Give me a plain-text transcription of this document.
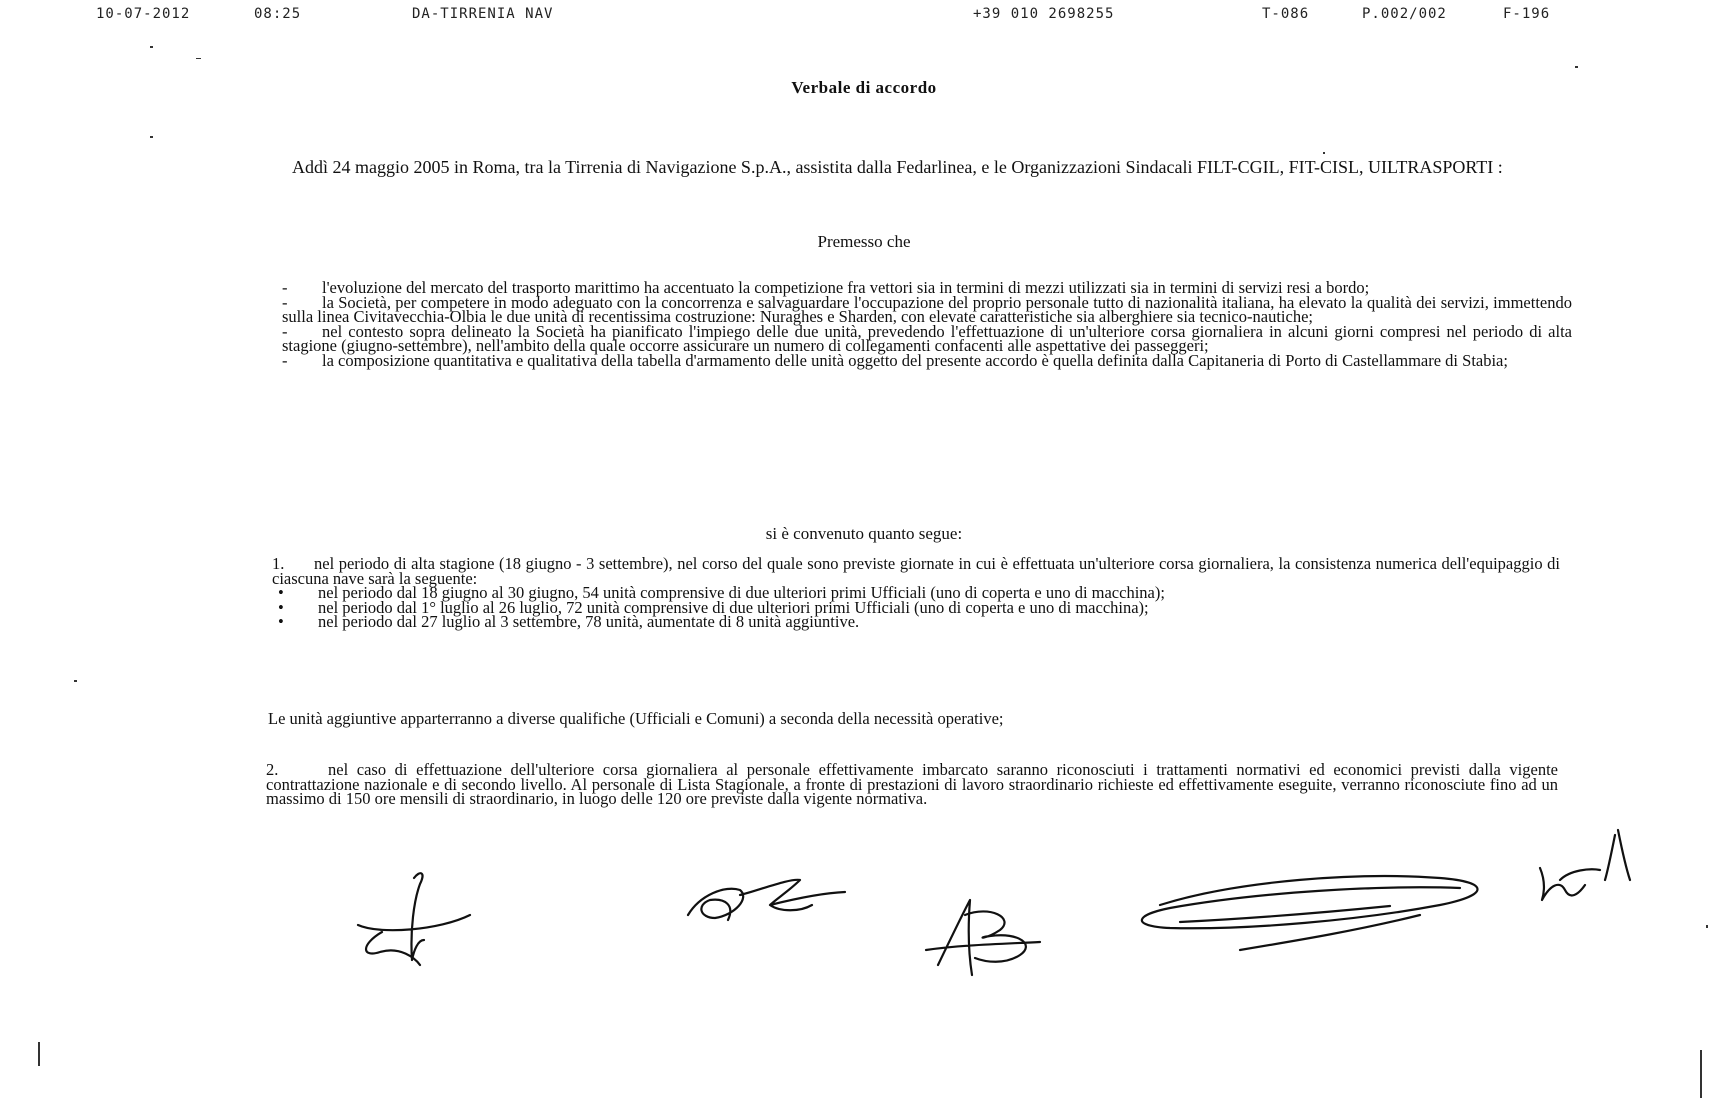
10-07-2012	08:25	DA-TIRRENIA NAV	+39 010 2698255	T-086	P.002/002	F-196
Verbale di accordo
Addì 24 maggio 2005 in Roma, tra la Tirrenia di Navigazione S.p.A., assistita dalla Fedarlinea, e le Organizzazioni Sindacali FILT-CGIL, FIT-CISL, UILTRASPORTI :
Premesso che

- l'evoluzione del mercato del trasporto marittimo ha accentuato la competizione fra vettori sia in termini di mezzi utilizzati sia in termini di servizi resi a bordo;

- la Società, per competere in modo adeguato con la concorrenza e salvaguardare l'occupazione del proprio personale tutto di nazionalità italiana, ha elevato la qualità dei servizi, immettendo sulla linea Civitavecchia-Olbia le due unità di recentissima costruzione: Nuraghes e Sharden, con elevate caratteristiche sia alberghiere sia tecnico-nautiche;

- nel contesto sopra delineato la Società ha pianificato l'impiego delle due unità, prevedendo l'effettuazione di un'ulteriore corsa giornaliera in alcuni giorni compresi nel periodo di alta stagione (giugno-settembre), nell'ambito della quale occorre assicurare un numero di collegamenti confacenti alle aspettative dei passeggeri;

- la composizione quantitativa e qualitativa della tabella d'armamento delle unità oggetto del presente accordo è quella definita dalla Capitaneria di Porto di Castellammare di Stabia;

si è convenuto quanto segue:

1. nel periodo di alta stagione (18 giugno - 3 settembre), nel corso del quale sono previste giornate in cui è effettuata un'ulteriore corsa giornaliera, la consistenza numerica dell'equipaggio di ciascuna nave sarà la seguente:

• nel periodo dal 18 giugno al 30 giugno, 54 unità comprensive di due ulteriori primi Ufficiali (uno di coperta e uno di macchina);

• nel periodo dal 1° luglio al 26 luglio, 72 unità comprensive di due ulteriori primi Ufficiali (uno di coperta e uno di macchina);

• nel periodo dal 27 luglio al 3 settembre, 78 unità, aumentate di 8 unità aggiuntive.

Le unità aggiuntive apparterranno a diverse qualifiche (Ufficiali e Comuni) a seconda della necessità operative;

2.	nel caso di effettuazione dell'ulteriore corsa giornaliera al personale effettivamente imbarcato saranno riconosciuti i trattamenti normativi ed economici previsti dalla vigente contrattazione nazionale e di secondo livello. Al personale di Lista Stagionale, a fronte di prestazioni di lavoro straordinario richieste ed effettivamente eseguite, verranno riconosciute fino ad un massimo di 150 ore mensili di straordinario, in luogo delle 120 ore previste dalla vigente normativa.
